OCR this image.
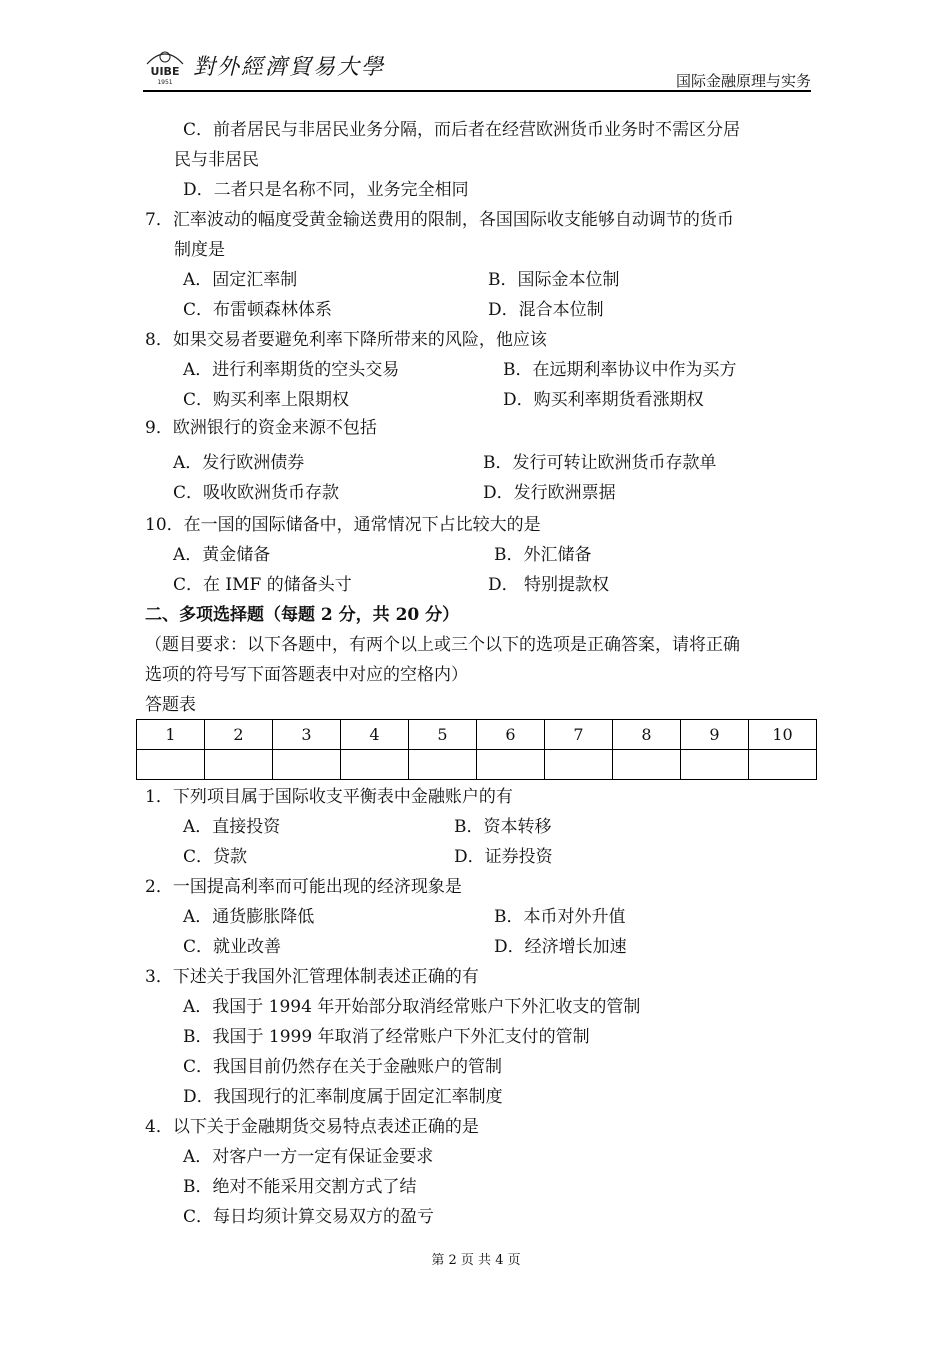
UIBE
1951
對外經濟貿易大學
国际金融原理与实务
C．前者居民与非居民业务分隔，而后者在经营欧洲货币业务时不需区分居
民与非居民
D．二者只是名称不同，业务完全相同
7．汇率波动的幅度受黄金输送费用的限制，各国国际收支能够自动调节的货币
制度是
A．固定汇率制	B．国际金本位制
C．布雷顿森林体系	D．混合本位制
8．如果交易者要避免利率下降所带来的风险，他应该
A．进行利率期货的空头交易	B．在远期利率协议中作为买方
C．购买利率上限期权	D．购买利率期货看涨期权
9．欧洲银行的资金来源不包括
A．发行欧洲债券	B．发行可转让欧洲货币存款单
C．吸收欧洲货币存款	D．发行欧洲票据
10．在一国的国际储备中，通常情况下占比较大的是
A．黄金储备	B．外汇储备
C．在 IMF 的储备头寸	D． 特别提款权
二、多项选择题（每题 2 分，共 20 分）
（题目要求：以下各题中，有两个以上或三个以下的选项是正确答案，请将正确
选项的符号写下面答题表中对应的空格内）
答题表
1	2	3	4	5	6	7	8	9	10

1．下列项目属于国际收支平衡表中金融账户的有
A．直接投资	B．资本转移
C．贷款	D．证券投资
2．一国提高利率而可能出现的经济现象是
A．通货膨胀降低	B．本币对外升值
C．就业改善	D．经济增长加速
3．下述关于我国外汇管理体制表述正确的有
A．我国于 1994 年开始部分取消经常账户下外汇收支的管制
B．我国于 1999 年取消了经常账户下外汇支付的管制
C．我国目前仍然存在关于金融账户的管制
D．我国现行的汇率制度属于固定汇率制度
4．以下关于金融期货交易特点表述正确的是
A．对客户一方一定有保证金要求
B．绝对不能采用交割方式了结
C．每日均须计算交易双方的盈亏
第 2 页 共 4 页
